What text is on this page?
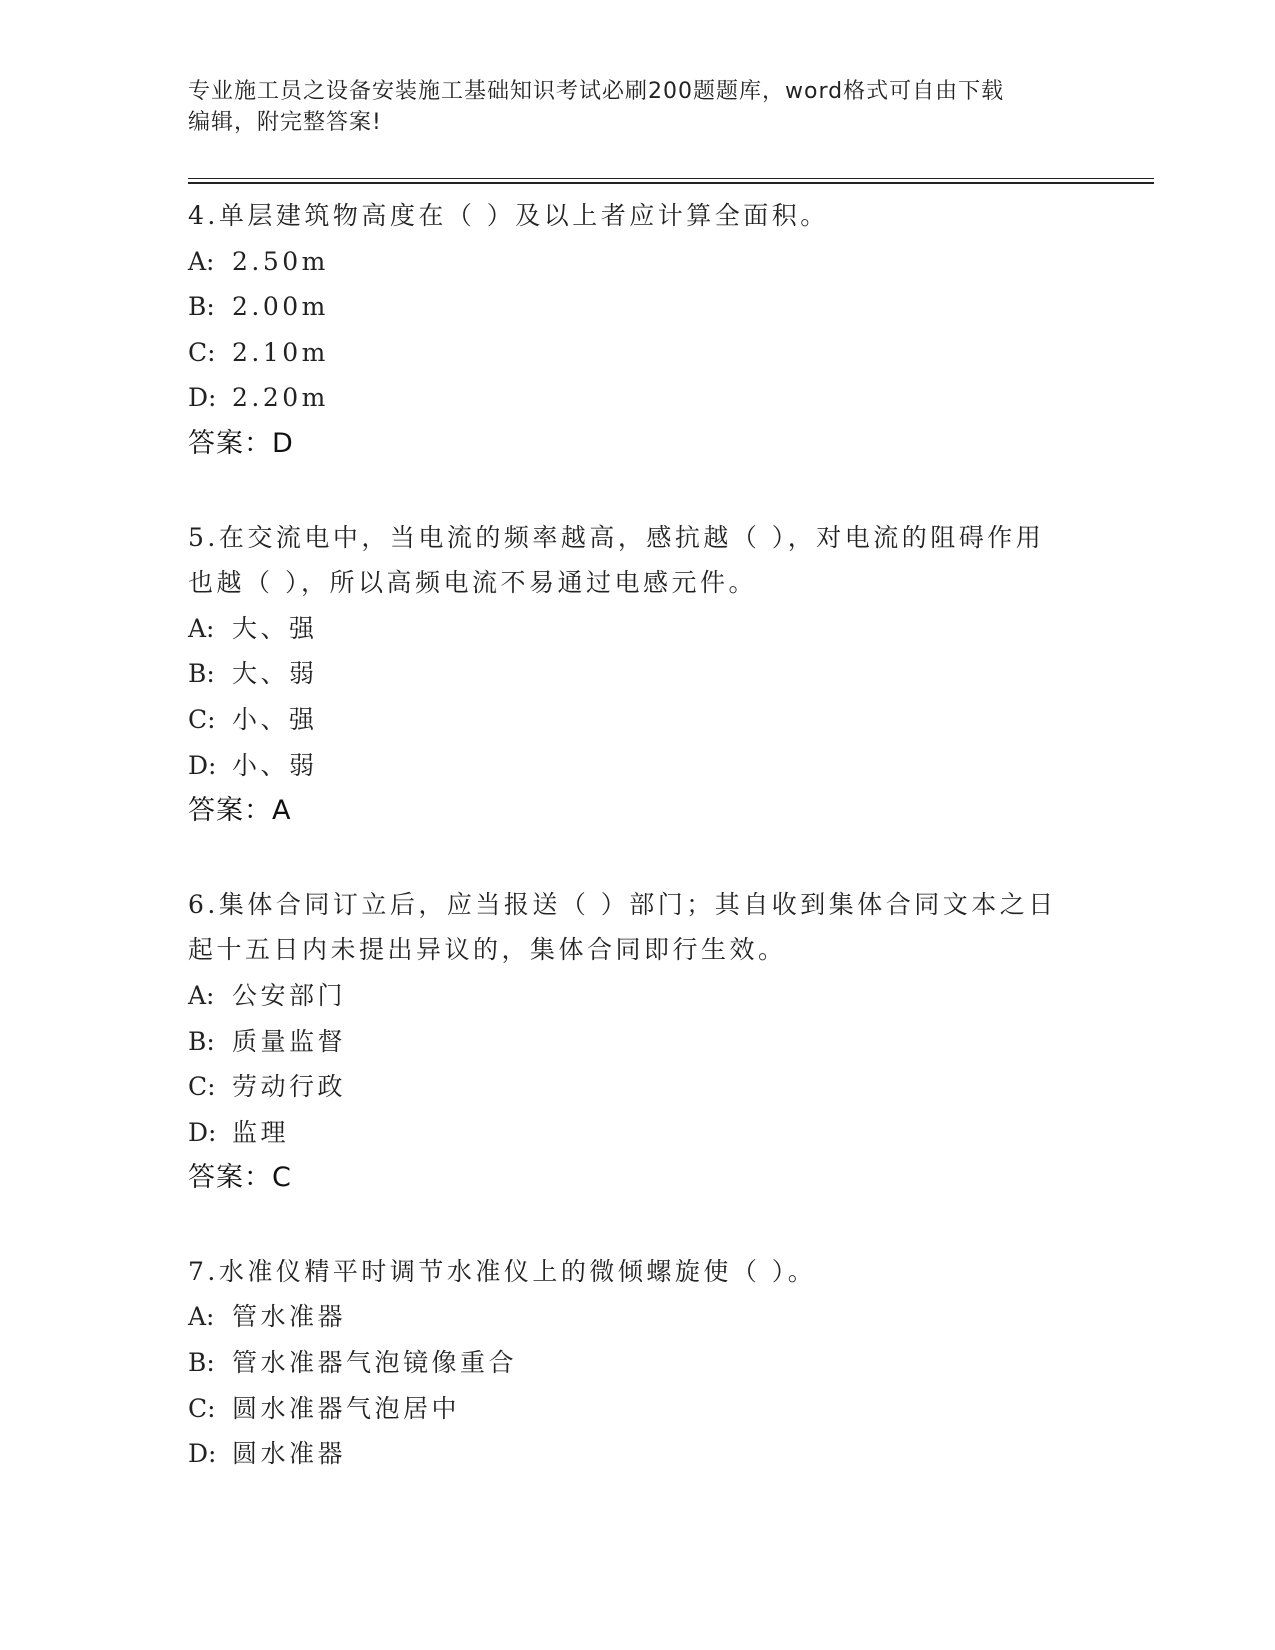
专业施工员之设备安装施工基础知识考试必刷200题题库，word格式可自由下载
编辑，附完整答案!

4.单层建筑物高度在（ ）及以上者应计算全面积。

A: 2.50m

B: 2.00m

C: 2.10m

D: 2.20m

答案：D

5.在交流电中，当电流的频率越高，感抗越（ ），对电流的阻碍作用

也越（ ），所以高频电流不易通过电感元件。

A: 大、强

B: 大、弱

C: 小、强

D: 小、弱

答案：A

6.集体合同订立后，应当报送（ ）部门；其自收到集体合同文本之日

起十五日内未提出异议的，集体合同即行生效。

A: 公安部门

B: 质量监督

C: 劳动行政

D: 监理

答案：C

7.水准仪精平时调节水准仪上的微倾螺旋使（ ）。

A: 管水准器

B: 管水准器气泡镜像重合

C: 圆水准器气泡居中

D: 圆水准器
